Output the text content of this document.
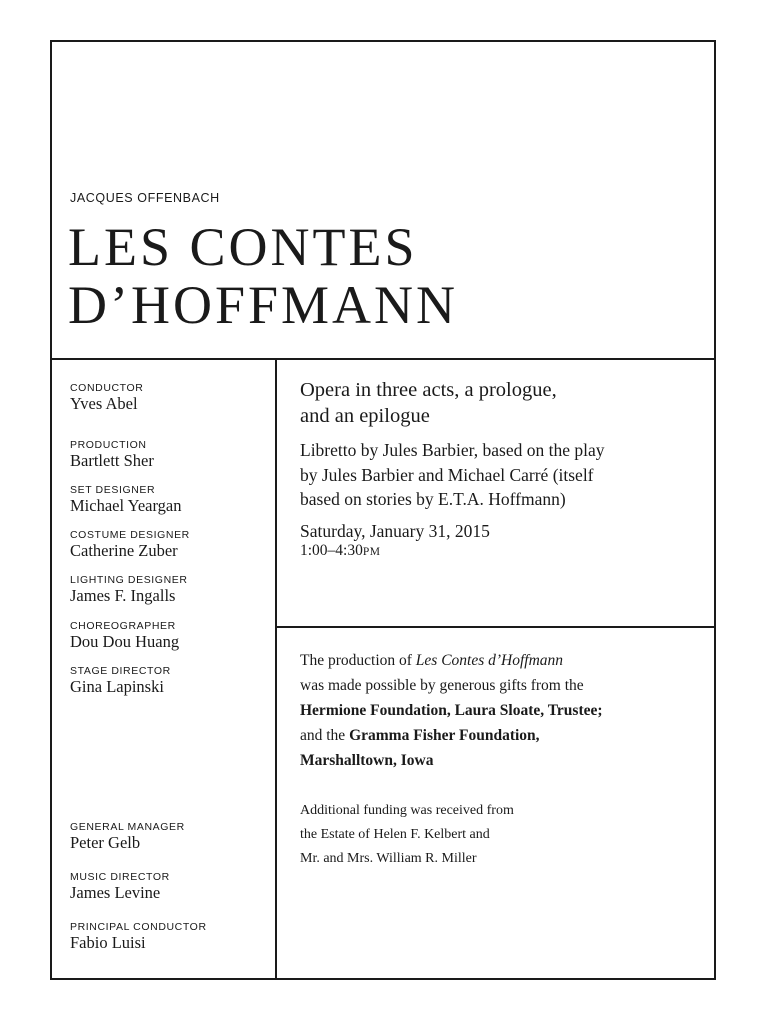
JACQUES OFFENBACH
LES CONTES
D’HOFFMANN
CONDUCTOR
Yves Abel
PRODUCTION
Bartlett Sher
SET DESIGNER
Michael Yeargan
COSTUME DESIGNER
Catherine Zuber
LIGHTING DESIGNER
James F. Ingalls
CHOREOGRAPHER
Dou Dou Huang
STAGE DIRECTOR
Gina Lapinski
GENERAL MANAGER
Peter Gelb
MUSIC DIRECTOR
James Levine
PRINCIPAL CONDUCTOR
Fabio Luisi

Opera in three acts, a prologue,
and an epilogue

Libretto by Jules Barbier, based on the play
by Jules Barbier and Michael Carré (itself
based on stories by E.T.A. Hoffmann)

Saturday, January 31, 2015

1:00–4:30PM

The production of Les Contes d’Hoffmann

was made possible by generous gifts from the

Hermione Foundation, Laura Sloate, Trustee;

and the Gramma Fisher Foundation,

Marshalltown, Iowa

Additional funding was received from

the Estate of Helen F. Kelbert and

Mr. and Mrs. William R. Miller
